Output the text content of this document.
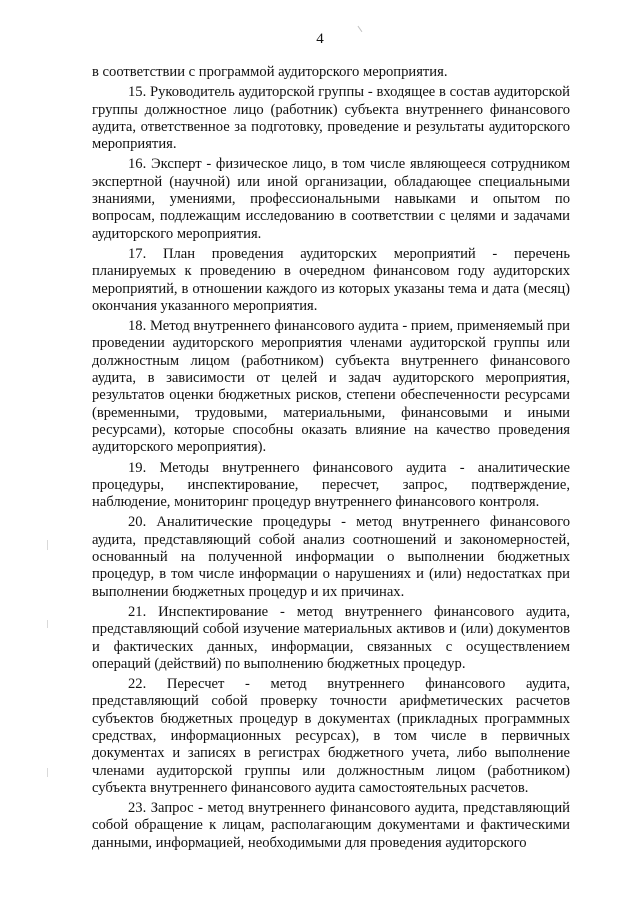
4

в соответствии с программой аудиторского мероприятия.

15. Руководитель аудиторской группы - входящее в состав аудиторской группы должностное лицо (работник) субъекта внутреннего финансового аудита, ответственное за подготовку, проведение и результаты аудиторского мероприятия.

16. Эксперт - физическое лицо, в том числе являющееся сотрудником экспертной (научной) или иной организации, обладающее специальными знаниями, умениями, профессиональными навыками и опытом по вопросам, подлежащим исследованию в соответствии с целями и задачами аудиторского мероприятия.

17. План проведения аудиторских мероприятий - перечень планируемых к проведению в очередном финансовом году аудиторских мероприятий, в отношении каждого из которых указаны тема и дата (месяц) окончания указанного мероприятия.

18. Метод внутреннего финансового аудита - прием, применяемый при проведении аудиторского мероприятия членами аудиторской группы или должностным лицом (работником) субъекта внутреннего финансового аудита, в зависимости от целей и задач аудиторского мероприятия, результатов оценки бюджетных рисков, степени обеспеченности ресурсами (временными, трудовыми, материальными, финансовыми и иными ресурсами), которые способны оказать влияние на качество проведения аудиторского мероприятия).

19. Методы внутреннего финансового аудита - аналитические процедуры, инспектирование, пересчет, запрос, подтверждение, наблюдение, мониторинг процедур внутреннего финансового контроля.

20. Аналитические процедуры - метод внутреннего финансового аудита, представляющий собой анализ соотношений и закономерностей, основанный на полученной информации о выполнении бюджетных процедур, в том числе информации о нарушениях и (или) недостатках при выполнении бюджетных процедур и их причинах.

21. Инспектирование - метод внутреннего финансового аудита, представляющий собой изучение материальных активов и (или) документов и фактических данных, информации, связанных с осуществлением операций (действий) по выполнению бюджетных процедур.

22. Пересчет - метод внутреннего финансового аудита, представляющий собой проверку точности арифметических расчетов субъектов бюджетных процедур в документах (прикладных программных средствах, информационных ресурсах), в том числе в первичных документах и записях в регистрах бюджетного учета, либо выполнение членами аудиторской группы или должностным лицом (работником) субъекта внутреннего финансового аудита самостоятельных расчетов.

23. Запрос - метод внутреннего финансового аудита, представляющий собой обращение к лицам, располагающим документами и фактическими данными, информацией, необходимыми для проведения аудиторского
